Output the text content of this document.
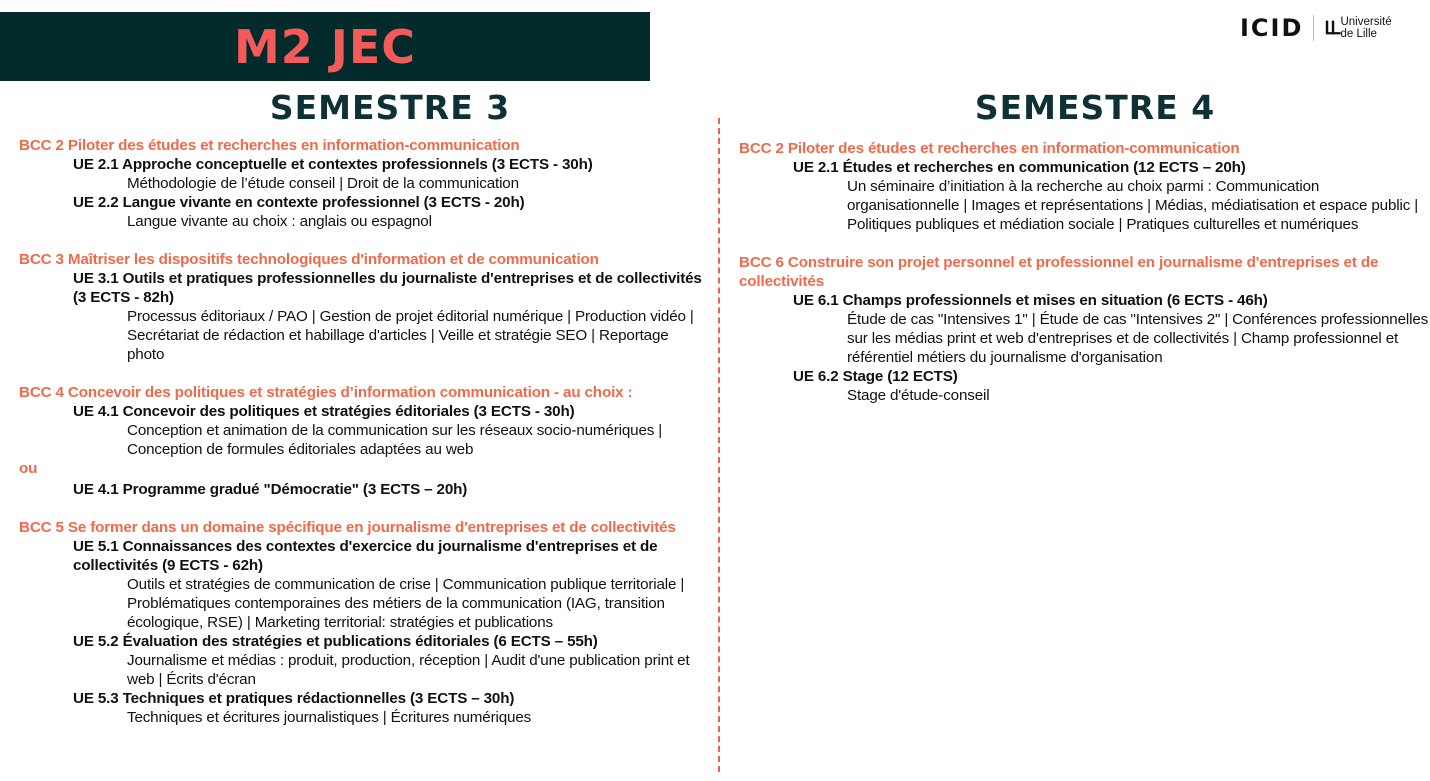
M2 JEC	ICID ᒪᒪ Université
de Lille
SEMESTRE 3	SEMESTRE 4
BCC 2 Piloter des études et recherches en information-communication
UE 2.1 Approche conceptuelle et contextes professionnels (3 ECTS - 30h)
Méthodologie de l’étude conseil | Droit de la communication
UE 2.2 Langue vivante en contexte professionnel (3 ECTS - 20h)
Langue vivante au choix : anglais ou espagnol
BCC 3 Maîtriser les dispositifs technologiques d'information et de communication
UE 3.1 Outils et pratiques professionnelles du journaliste d'entreprises et de collectivités (3 ECTS - 82h)
Processus éditoriaux / PAO | Gestion de projet éditorial numérique | Production vidéo | Secrétariat de rédaction et habillage d'articles | Veille et stratégie SEO | Reportage photo
BCC 4 Concevoir des politiques et stratégies d’information communication - au choix :
UE 4.1 Concevoir des politiques et stratégies éditoriales (3 ECTS - 30h)
Conception et animation de la communication sur les réseaux socio-numériques | Conception de formules éditoriales adaptées au web
ou
UE 4.1 Programme gradué "Démocratie" (3 ECTS – 20h)
BCC 5 Se former dans un domaine spécifique en journalisme d'entreprises et de collectivités
UE 5.1 Connaissances des contextes d'exercice du journalisme d'entreprises et de collectivités (9 ECTS - 62h)
Outils et stratégies de communication de crise | Communication publique territoriale | Problématiques contemporaines des métiers de la communication (IAG, transition écologique, RSE) | Marketing territorial: stratégies et publications
UE 5.2 Évaluation des stratégies et publications éditoriales (6 ECTS – 55h)
Journalisme et médias : produit, production, réception | Audit d'une publication print et web | Écrits d'écran
UE 5.3 Techniques et pratiques rédactionnelles (3 ECTS – 30h)
Techniques et écritures journalistiques | Écritures numériques
BCC 2 Piloter des études et recherches en information-communication
UE 2.1 Études et recherches en communication (12 ECTS – 20h)
Un séminaire d’initiation à la recherche au choix parmi : Communication organisationnelle | Images et représentations | Médias, médiatisation et espace public | Politiques publiques et médiation sociale | Pratiques culturelles et numériques
BCC 6 Construire son projet personnel et professionnel en journalisme d'entreprises et de collectivités
UE 6.1 Champs professionnels et mises en situation (6 ECTS - 46h)
Étude de cas "Intensives 1" | Étude de cas "Intensives 2" | Conférences professionnelles sur les médias print et web d'entreprises et de collectivités | Champ professionnel et référentiel métiers du journalisme d'organisation
UE 6.2 Stage (12 ECTS)
Stage d'étude-conseil
